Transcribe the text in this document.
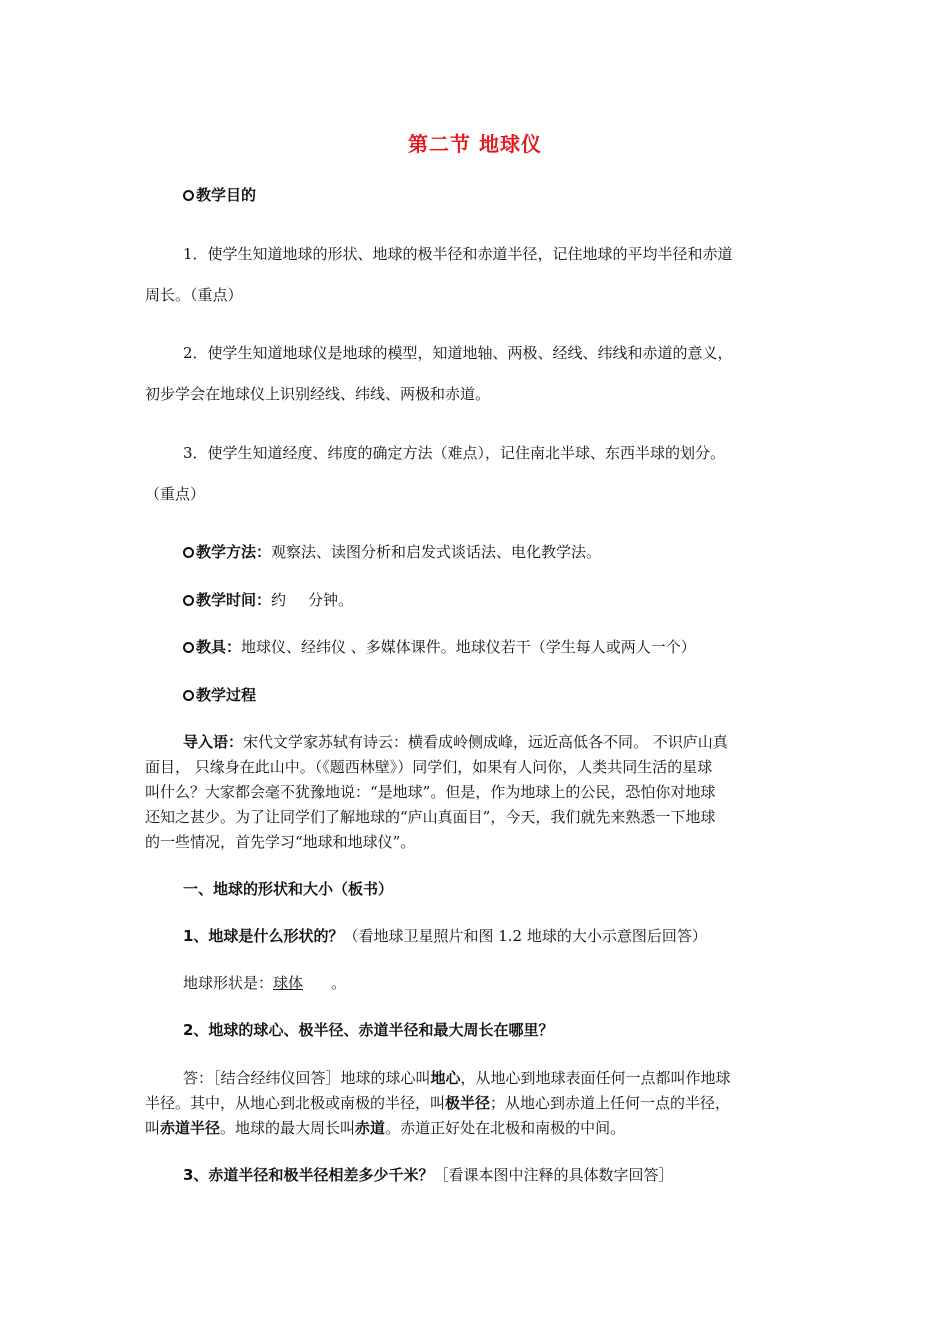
第二节 地球仪
教学目的
1．使学生知道地球的形状、地球的极半径和赤道半径，记住地球的平均半径和赤道
周长。（重点）
2．使学生知道地球仪是地球的模型，知道地轴、两极、经线、纬线和赤道的意义，
初步学会在地球仪上识别经线、纬线、两极和赤道。
3．使学生知道经度、纬度的确定方法（难点），记住南北半球、东西半球的划分。
（重点）
教学方法：观察法、读图分析和启发式谈话法、电化教学法。
教学时间：约 分钟。
教具：地球仪、经纬仪 、多媒体课件。地球仪若干（学生每人或两人一个）
教学过程
导入语：宋代文学家苏轼有诗云：横看成岭侧成峰，远近高低各不同。 不识庐山真
面目， 只缘身在此山中。（《题西林壁》）同学们，如果有人问你，人类共同生活的星球
叫什么？大家都会毫不犹豫地说：“是地球”。但是，作为地球上的公民，恐怕你对地球
还知之甚少。为了让同学们了解地球的“庐山真面目”，今天，我们就先来熟悉一下地球
的一些情况，首先学习“地球和地球仪”。
一、地球的形状和大小（板书）
1、地球是什么形状的？（看地球卫星照片和图 1.2 地球的大小示意图后回答）
地球形状是：球体 。
2、地球的球心、极半径、赤道半径和最大周长在哪里？
答：［结合经纬仪回答］地球的球心叫地心，从地心到地球表面任何一点都叫作地球
半径。其中，从地心到北极或南极的半径，叫极半径；从地心到赤道上任何一点的半径，
叫赤道半径。地球的最大周长叫赤道。赤道正好处在北极和南极的中间。
3、赤道半径和极半径相差多少千米？［看课本图中注释的具体数字回答］
